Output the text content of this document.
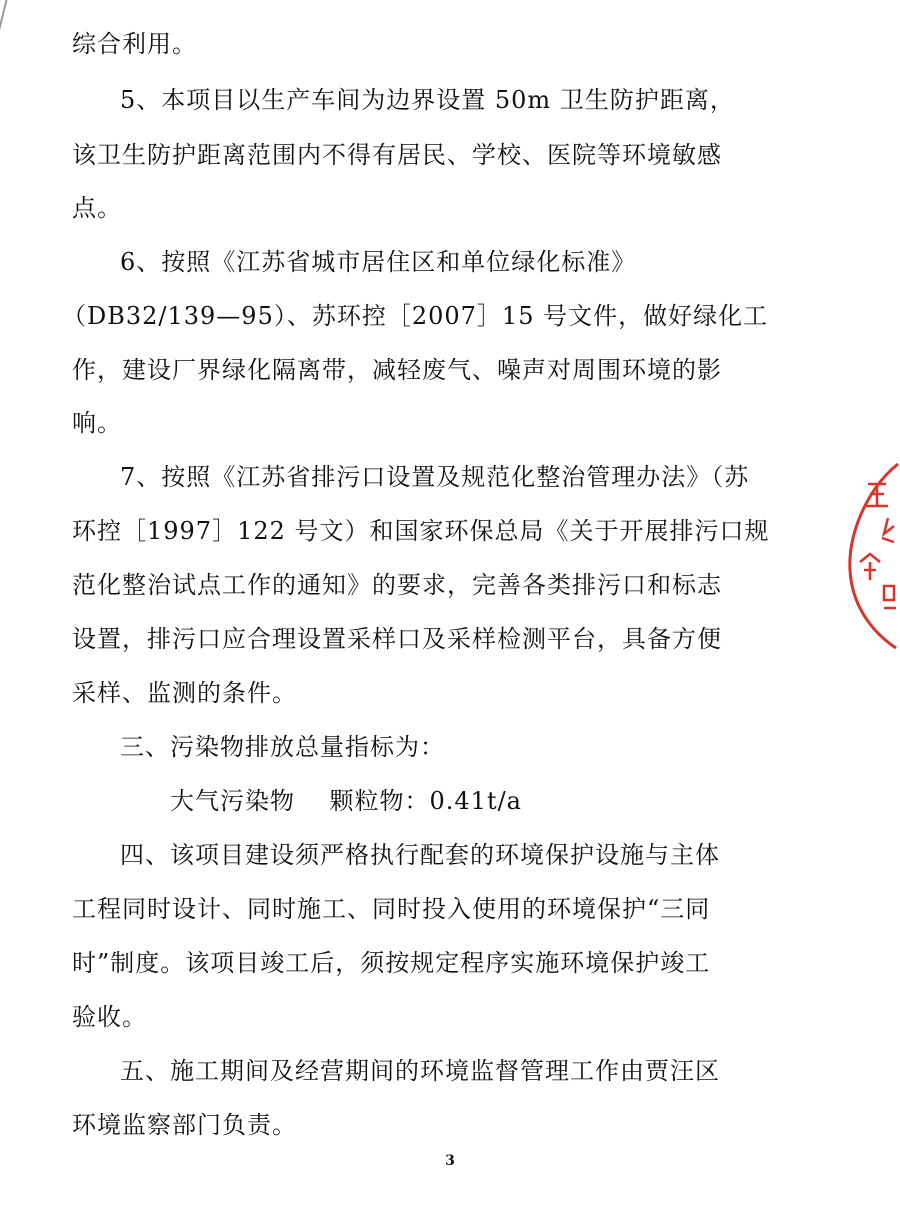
综合利用。

5、本项目以生产车间为边界设置 50m 卫生防护距离，

该卫生防护距离范围内不得有居民、学校、医院等环境敏感

点。

6、按照《江苏省城市居住区和单位绿化标准》

（DB32/139—95）、苏环控［2007］15 号文件，做好绿化工

作，建设厂界绿化隔离带，减轻废气、噪声对周围环境的影

响。

7、按照《江苏省排污口设置及规范化整治管理办法》（苏

环控［1997］122 号文）和国家环保总局《关于开展排污口规

范化整治试点工作的通知》的要求，完善各类排污口和标志

设置，排污口应合理设置采样口及采样检测平台，具备方便

采样、监测的条件。

三、污染物排放总量指标为：

大气污染物    颗粒物：0.41t/a

四、该项目建设须严格执行配套的环境保护设施与主体

工程同时设计、同时施工、同时投入使用的环境保护“三同

时”制度。该项目竣工后，须按规定程序实施环境保护竣工

验收。

五、施工期间及经营期间的环境监督管理工作由贾汪区

环境监察部门负责。

3
